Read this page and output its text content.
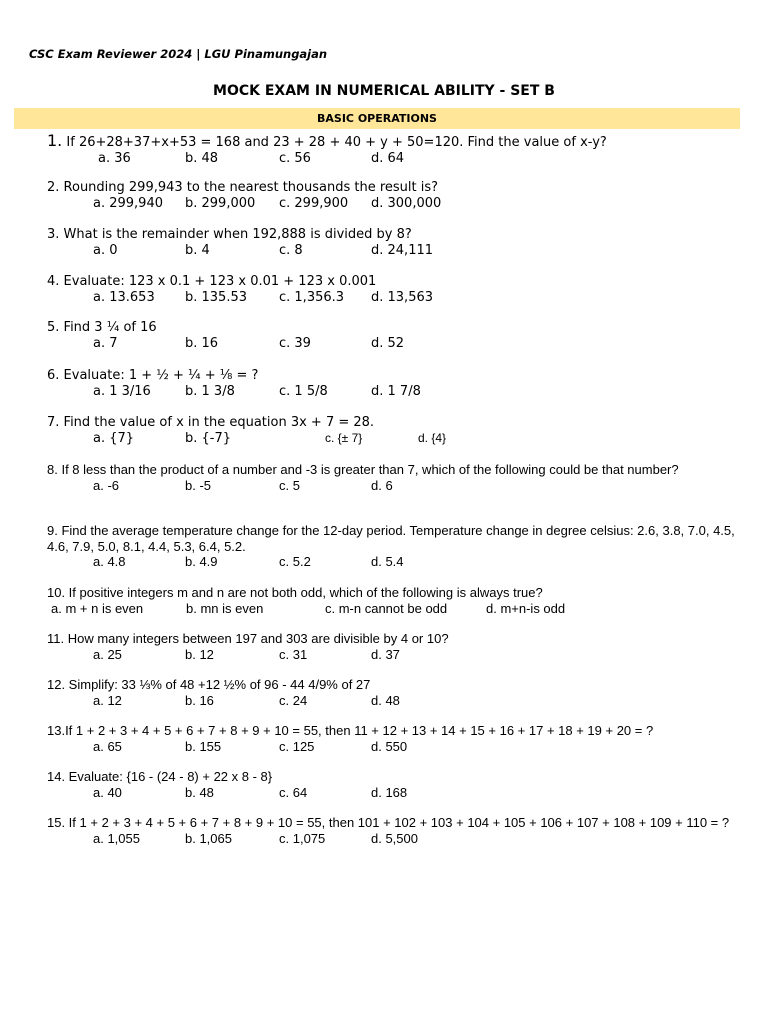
CSC Exam Reviewer 2024 | LGU Pinamungajan
MOCK EXAM IN NUMERICAL ABILITY - SET B
BASIC OPERATIONS
1. If 26+28+37+x+53 = 168 and 23 + 28 + 40 + y + 50=120. Find the value of x-y?
a. 36	b. 48	c. 56	d. 64
2. Rounding 299,943 to the nearest thousands the result is?
a. 299,940 b. 299,000 c. 299,900 d. 300,000
3. What is the remainder when 192,888 is divided by 8?
a. 0	b. 4	c. 8	d. 24,111
4. Evaluate: 123 x 0.1 + 123 x 0.01 + 123 x 0.001
a. 13.653 b. 135.53 c. 1,356.3 d. 13,563
5. Find 3 ¼ of 16
a. 7	b. 16	c. 39	d. 52
6. Evaluate: 1 + ½ + ¼ + ⅛ = ?
a. 1 3/16	b. 1 3/8	c. 1 5/8	d. 1 7/8
7. Find the value of x in the equation 3x + 7 = 28.
a. {7}	b. {-7}	c. {± 7}	d. {4}
8. If 8 less than the product of a number and -3 is greater than 7, which of the following could be that number?
a. -6	b. -5	c. 5	d. 6
9. Find the average temperature change for the 12-day period. Temperature change in degree celsius: 2.6, 3.8, 7.0, 4.5, 4.6, 7.9, 5.0, 8.1, 4.4, 5.3, 6.4, 5.2.
a. 4.8	b. 4.9	c. 5.2	d. 5.4
10. If positive integers m and n are not both odd, which of the following is always true?
a. m + n is even	b. mn is even	c. m-n cannot be odd	d. m+n-is odd
11. How many integers between 197 and 303 are divisible by 4 or 10?
a. 25	b. 12	c. 31	d. 37
12. Simplify: 33 ⅓% of 48 +12 ½% of 96 - 44 4/9% of 27
a. 12	b. 16	c. 24	d. 48
13.If 1 + 2 + 3 + 4 + 5 + 6 + 7 + 8 + 9 + 10 = 55, then 11 + 12 + 13 + 14 + 15 + 16 + 17 + 18 + 19 + 20 = ?
a. 65	b. 155	c. 125	d. 550
14. Evaluate: {16 - (24 - 8) + 22 x 8 - 8}
a. 40	b. 48	c. 64	d. 168
15. If 1 + 2 + 3 + 4 + 5 + 6 + 7 + 8 + 9 + 10 = 55, then 101 + 102 + 103 + 104 + 105 + 106 + 107 + 108 + 109 + 110 = ?
a. 1,055	b. 1,065	c. 1,075	d. 5,500
